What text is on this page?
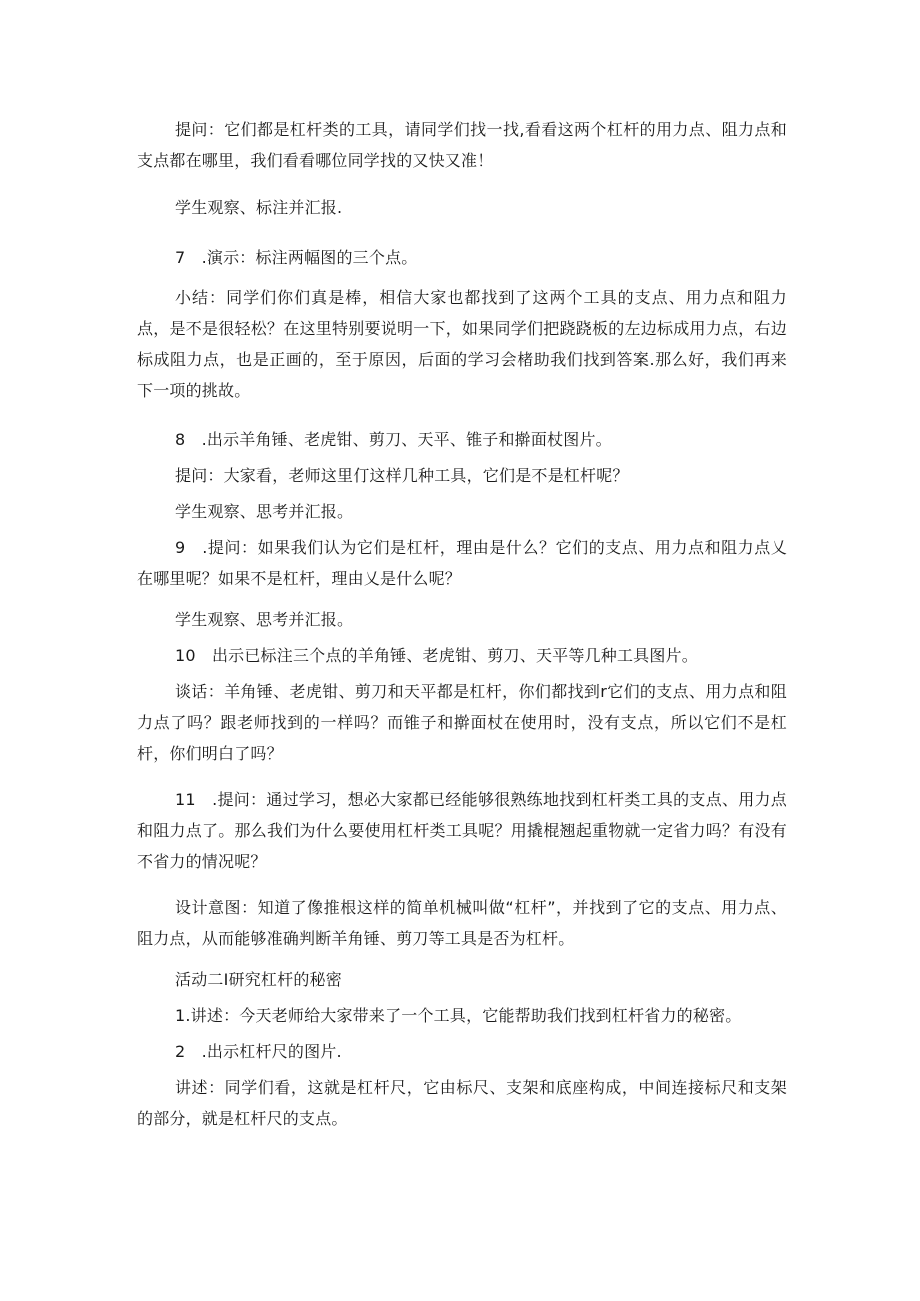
提问：它们都是杠杆类的工具，请同学们找一找,看看这两个杠杆的用力点、阻力点和支点都在哪里，我们看看哪位同学找的又快又准！

学生观察、标注并汇报.

7　.演示：标注两幅图的三个点。

小结：同学们你们真是棒，相信大家也都找到了这两个工具的支点、用力点和阻力点，是不是很轻松？在这里特别要说明一下，如果同学们把跷跷板的左边标成用力点，右边标成阻力点，也是正画的，至于原因，后面的学习会楮助我们找到答案.那么好，我们再来下一项的挑故。

8　.出示羊角锤、老虎钳、剪刀、天平、锥子和擀面杖图片。

提问：大家看，老师这里仃这样几种工具，它们是不是杠杆呢？

学生观察、思考并汇报。

9　.提问：如果我们认为它们是杠杆，理由是什么？它们的支点、用力点和阻力点乂在哪里呢？如果不是杠杆，理由乂是什么呢？

学生观察、思考并汇报。

10　出示已标注三个点的羊角锤、老虎钳、剪刀、天平等几种工具图片。

谈话：羊角锤、老虎钳、剪刀和天平都是杠杆，你们都找到r它们的支点、用力点和阻力点了吗？跟老师找到的一样吗？而锥子和擀面杖在使用时，没有支点，所以它们不是杠杆，你们明白了吗？

11　.提问：通过学习，想必大家都已经能够很熟练地找到杠杆类工具的支点、用力点和阻力点了。那么我们为什么要使用杠杆类工具呢？用撬棍翘起重物就一定省力吗？有没有不省力的情况呢？

设计意图：知道了像推根这样的简单机械叫做“杠杆”，并找到了它的支点、用力点、阻力点，从而能够准确判断羊角锤、剪刀等工具是否为杠杆。

活动二I研究杠杆的秘密

1.讲述：今天老师给大家带来了一个工具，它能帮助我们找到杠杆省力的秘密。

2　.出示杠杆尺的图片.

讲述：同学们看，这就是杠杆尺，它由标尺、支架和底座构成，中间连接标尺和支架的部分，就是杠杆尺的支点。
